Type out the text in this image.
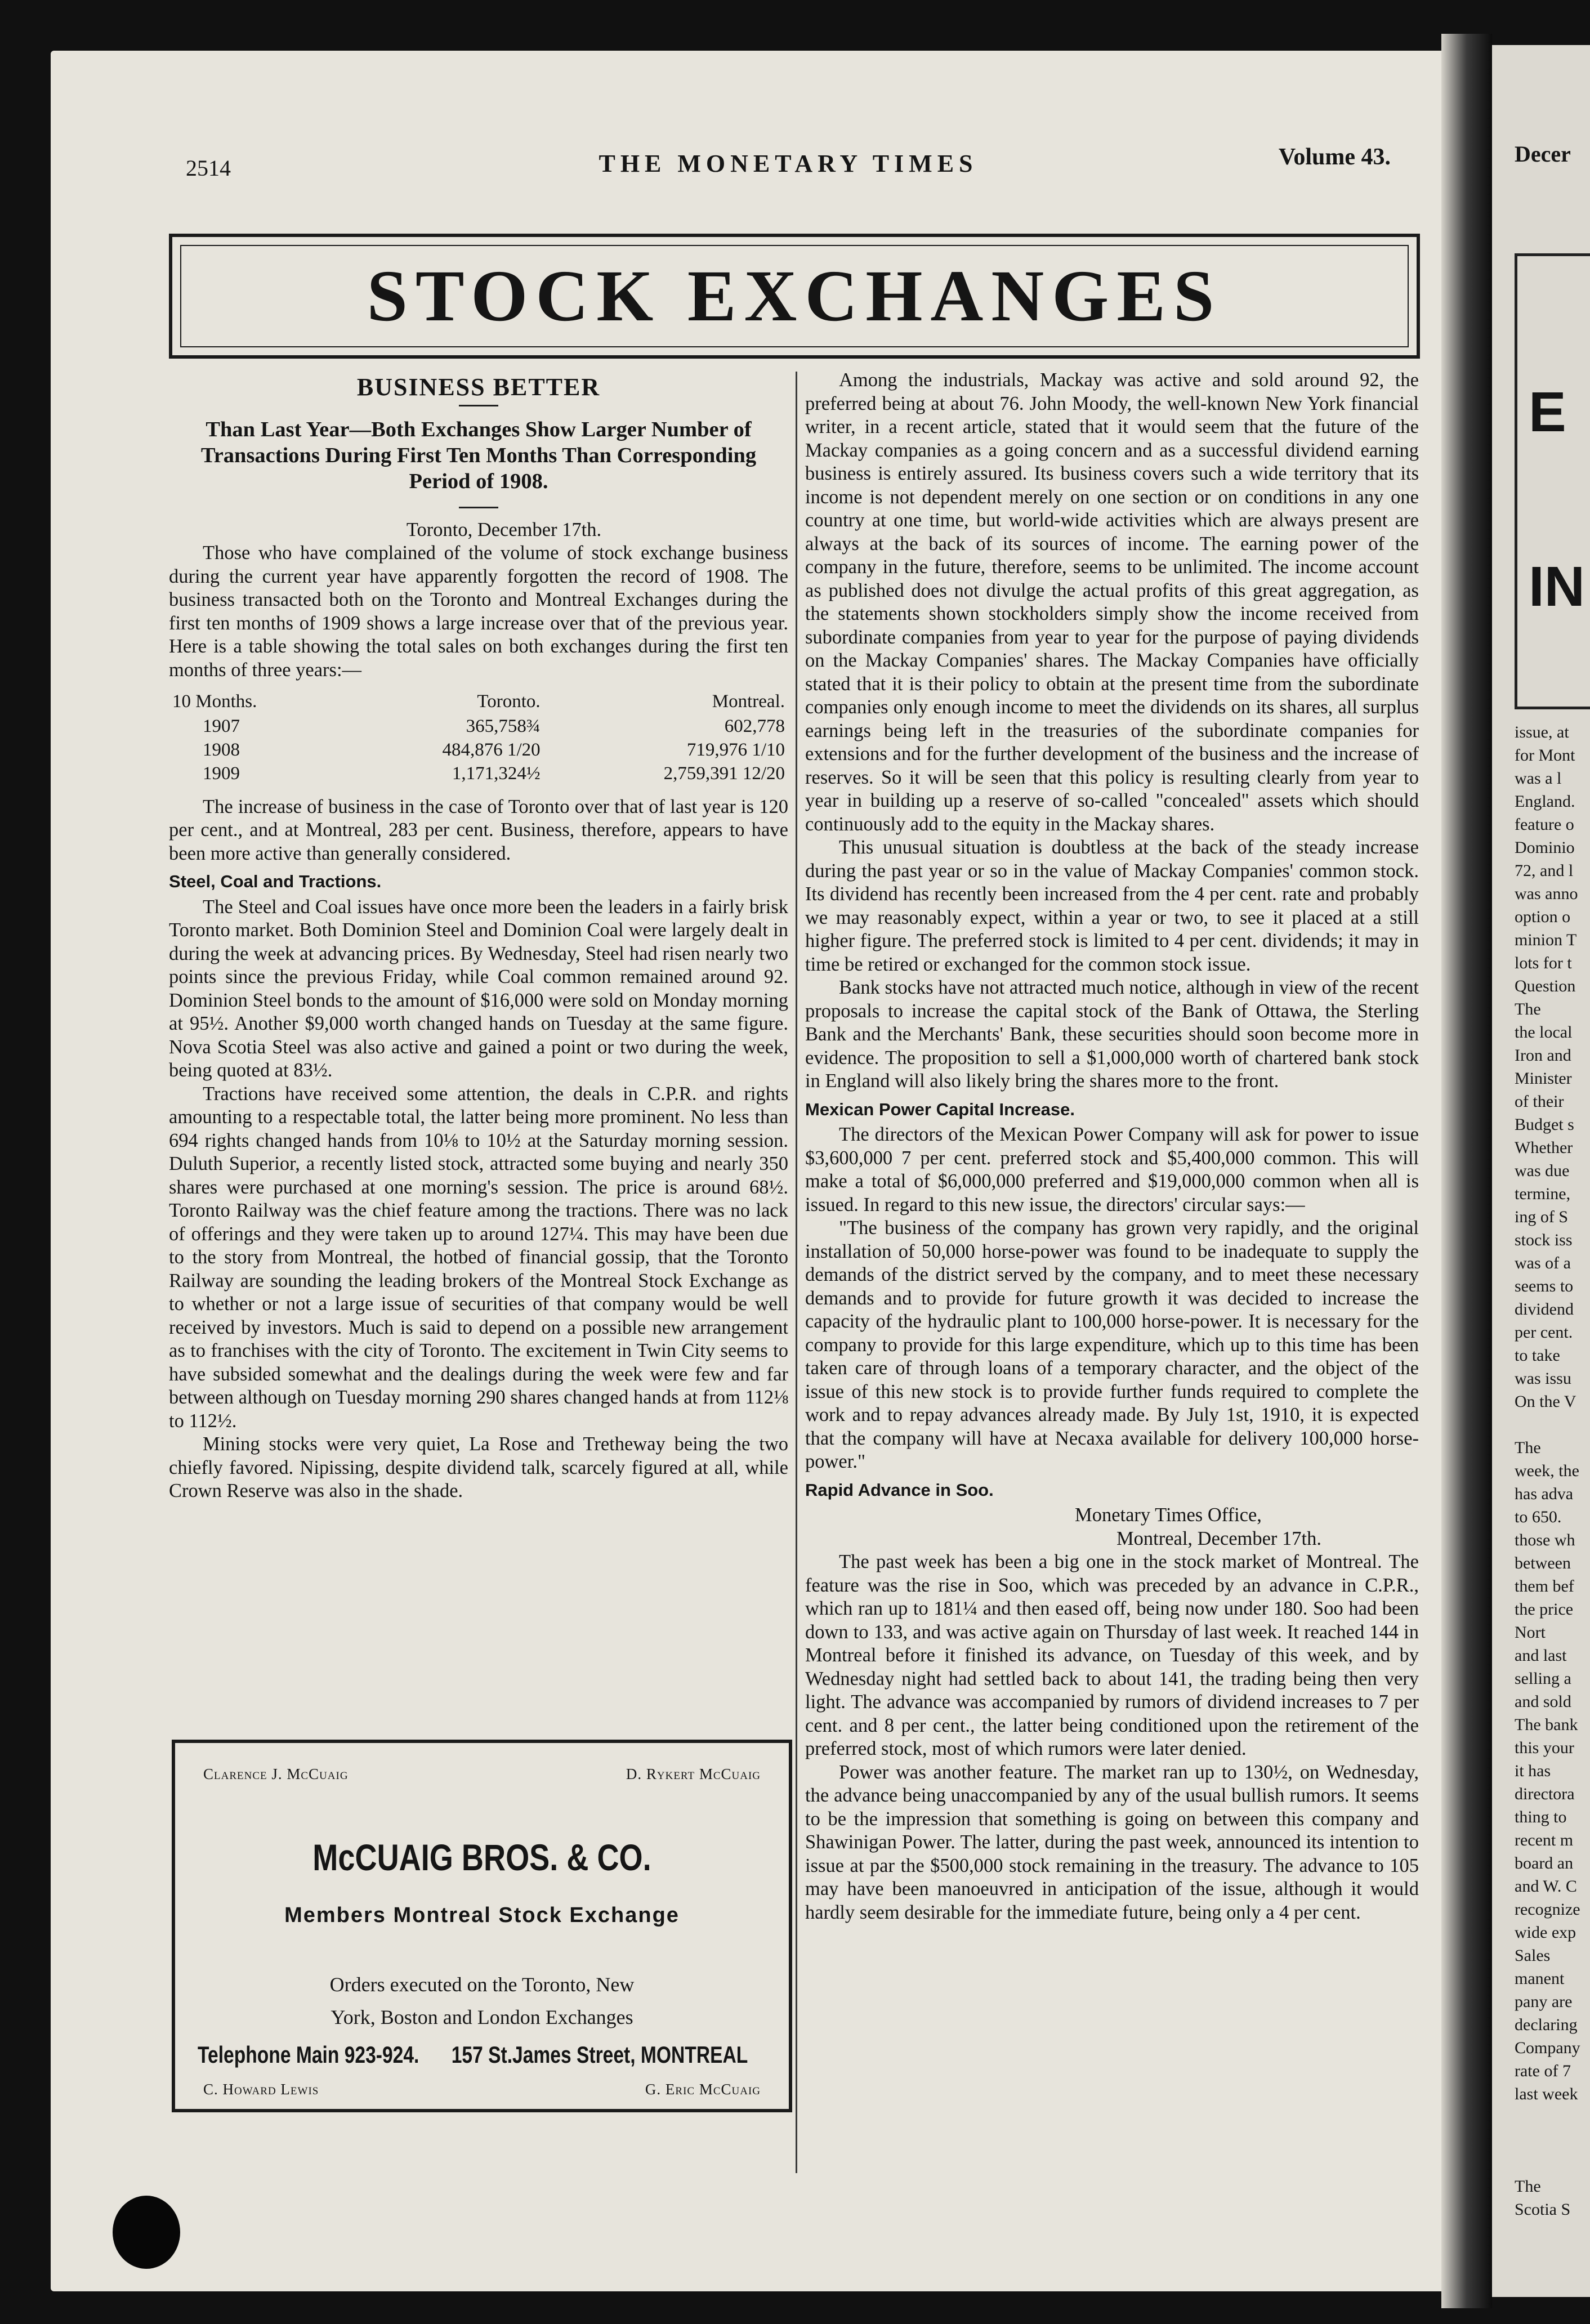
2514	THE MONETARY TIMES	Volume 43.
STOCK EXCHANGES
BUSINESS BETTER
Than Last Year—Both Exchanges Show Larger Number of Transactions During First Ten Months Than Corresponding Period of 1908.
Toronto, December 17th.

Those who have complained of the volume of stock exchange business during the current year have apparently forgotten the record of 1908. The business transacted both on the Toronto and Montreal Exchanges during the first ten months of 1909 shows a large increase over that of the previous year. Here is a table showing the total sales on both exchanges during the first ten months of three years:—

10 Months.	Toronto.	Montreal.
1907	365,758¾	602,778
1908	484,876 1/20	719,976 1/10
1909	1,171,324½	2,759,391 12/20

The increase of business in the case of Toronto over that of last year is 120 per cent., and at Montreal, 283 per cent. Business, therefore, appears to have been more active than generally considered.

Steel, Coal and Tractions.

The Steel and Coal issues have once more been the leaders in a fairly brisk Toronto market. Both Dominion Steel and Dominion Coal were largely dealt in during the week at advancing prices. By Wednesday, Steel had risen nearly two points since the previous Friday, while Coal common remained around 92. Dominion Steel bonds to the amount of $16,000 were sold on Monday morning at 95½. Another $9,000 worth changed hands on Tuesday at the same figure. Nova Scotia Steel was also active and gained a point or two during the week, being quoted at 83½.

Tractions have received some attention, the deals in C.P.R. and rights amounting to a respectable total, the latter being more prominent. No less than 694 rights changed hands from 10⅛ to 10½ at the Saturday morning session. Duluth Superior, a recently listed stock, attracted some buying and nearly 350 shares were purchased at one morning's session. The price is around 68½. Toronto Railway was the chief feature among the tractions. There was no lack of offerings and they were taken up to around 127¼. This may have been due to the story from Montreal, the hotbed of financial gossip, that the Toronto Railway are sounding the leading brokers of the Montreal Stock Exchange as to whether or not a large issue of securities of that company would be well received by investors. Much is said to depend on a possible new arrangement as to franchises with the city of Toronto. The excitement in Twin City seems to have subsided somewhat and the dealings during the week were few and far between although on Tuesday morning 290 shares changed hands at from 112⅛ to 112½.

Mining stocks were very quiet, La Rose and Tretheway being the two chiefly favored. Nipissing, despite dividend talk, scarcely figured at all, while Crown Reserve was also in the shade.

Clarence J. McCuaig	D. Rykert McCuaig
McCUAIG BROS. & CO.
Members Montreal Stock Exchange
Orders executed on the Toronto, New
York, Boston and London Exchanges
Telephone Main 923-924. 157 St.James Street, MONTREAL
C. Howard Lewis	G. Eric McCuaig

Among the industrials, Mackay was active and sold around 92, the preferred being at about 76. John Moody, the well-known New York financial writer, in a recent article, stated that it would seem that the future of the Mackay companies as a going concern and as a successful dividend earning business is entirely assured. Its business covers such a wide territory that its income is not dependent merely on one section or on conditions in any one country at one time, but world-wide activities which are always present are always at the back of its sources of income. The earning power of the company in the future, therefore, seems to be unlimited. The income account as published does not divulge the actual profits of this great aggregation, as the statements shown stockholders simply show the income received from subordinate companies from year to year for the purpose of paying dividends on the Mackay Companies' shares. The Mackay Companies have officially stated that it is their policy to obtain at the present time from the subordinate companies only enough income to meet the dividends on its shares, all surplus earnings being left in the treasuries of the subordinate companies for extensions and for the further development of the business and the increase of reserves. So it will be seen that this policy is resulting clearly from year to year in building up a reserve of so-called "concealed" assets which should continuously add to the equity in the Mackay shares.

This unusual situation is doubtless at the back of the steady increase during the past year or so in the value of Mackay Companies' common stock. Its dividend has recently been increased from the 4 per cent. rate and probably we may reasonably expect, within a year or two, to see it placed at a still higher figure. The preferred stock is limited to 4 per cent. dividends; it may in time be retired or exchanged for the common stock issue.

Bank stocks have not attracted much notice, although in view of the recent proposals to increase the capital stock of the Bank of Ottawa, the Sterling Bank and the Merchants' Bank, these securities should soon become more in evidence. The proposition to sell a $1,000,000 worth of chartered bank stock in England will also likely bring the shares more to the front.

Mexican Power Capital Increase.

The directors of the Mexican Power Company will ask for power to issue $3,600,000 7 per cent. preferred stock and $5,400,000 common. This will make a total of $6,000,000 preferred and $19,000,000 common when all is issued. In regard to this new issue, the directors' circular says:—

"The business of the company has grown very rapidly, and the original installation of 50,000 horse-power was found to be inadequate to supply the demands of the district served by the company, and to meet these necessary demands and to provide for future growth it was decided to increase the capacity of the hydraulic plant to 100,000 horse-power. It is necessary for the company to provide for this large expenditure, which up to this time has been taken care of through loans of a temporary character, and the object of the issue of this new stock is to provide further funds required to complete the work and to repay advances already made. By July 1st, 1910, it is expected that the company will have at Necaxa available for delivery 100,000 horse-power."

Rapid Advance in Soo.
Monetary Times Office,
Montreal, December 17th.

The past week has been a big one in the stock market of Montreal. The feature was the rise in Soo, which was preceded by an advance in C.P.R., which ran up to 181¼ and then eased off, being now under 180. Soo had been down to 133, and was active again on Thursday of last week. It reached 144 in Montreal before it finished its advance, on Tuesday of this week, and by Wednesday night had settled back to about 141, the trading being then very light. The advance was accompanied by rumors of dividend increases to 7 per cent. and 8 per cent., the latter being conditioned upon the retirement of the preferred stock, most of which rumors were later denied.

Power was another feature. The market ran up to 130½, on Wednesday, the advance being unaccompanied by any of the usual bullish rumors. It seems to be the impression that something is going on between this company and Shawinigan Power. The latter, during the past week, announced its intention to issue at par the $500,000 stock remaining in the treasury. The advance to 105 may have been manoeuvred in anticipation of the issue, although it would hardly seem desirable for the immediate future, being only a 4 per cent.

Decer
E
IN
issue, at
for Mont
was a l
England.
feature o
Dominio
72, and l
was anno
option o
minion T
lots for t
Question
The
the local
Iron and
Minister
of their
Budget s
Whether
was due
termine,
ing of S
stock iss
was of a
seems to
dividend
per cent.
to take
was issu
On the V

The
week, the
has adva
to 650.
those wh
between
them bef
the price
Nort
and last
selling a
and sold
The bank
this your
it has
directora
thing to
recent m
board an
and W. C
recognize
wide exp
Sales
manent
pany are
declaring
Company
rate of 7
last week

The
Scotia S
